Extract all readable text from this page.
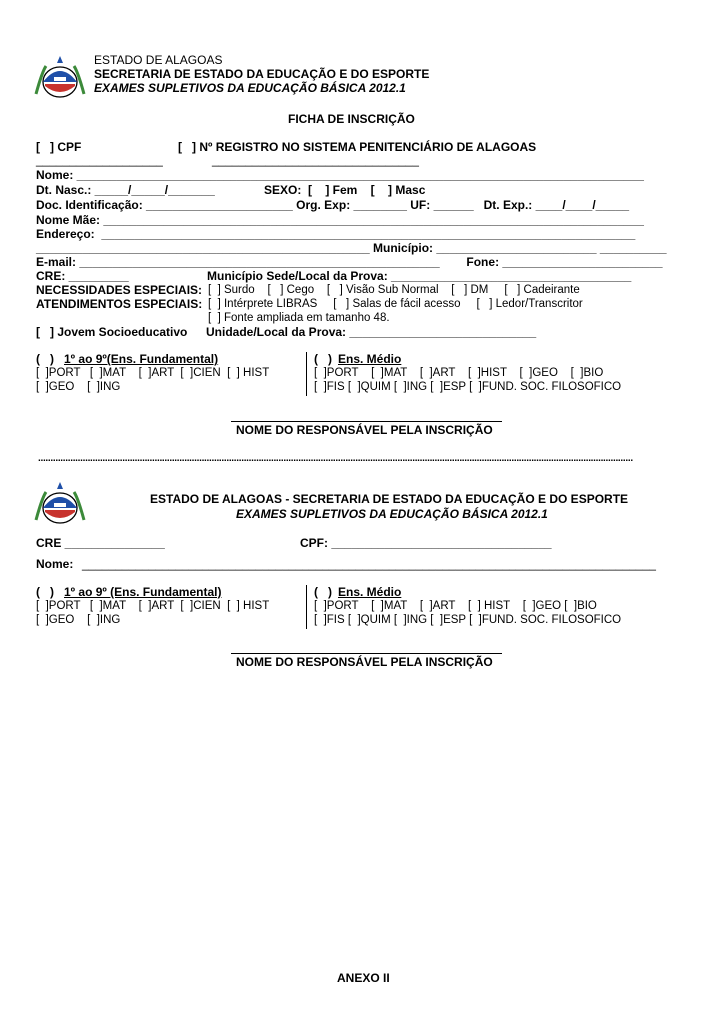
ESTADO DE ALAGOAS
SECRETARIA DE ESTADO DA EDUCAÇÃO E DO ESPORTE
EXAMES SUPLETIVOS DA EDUCAÇÃO BÁSICA 2012.1
FICHA DE INSCRIÇÃO
[   ] CPF	[   ] Nº REGISTRO NO SISTEMA PENITENCIÁRIO DE ALAGOAS
___________________	_______________________________
Nome: _____________________________________________________________________________________
Dt. Nasc.: _____/_____/_______	SEXO:  [    ] Fem    [    ] Masc
Doc. Identificação: ______________________ Org. Exp: ________ UF: ______   Dt. Exp.: ____/____/_____
Nome Mãe: _________________________________________________________________________________
Endereço:  ________________________________________________________________________________
__________________________________________________ Município: ________________________ __________
E-mail: ______________________________________________________        Fone: ________________________
CRE: _________	Município Sede/Local da Prova: ____________________________________
NECESSIDADES ESPECIAIS: [  ] Surdo    [   ] Cego    [   ] Visão Sub Normal    [   ] DM     [   ] Cadeirante
ATENDIMENTOS ESPECIAIS: [  ] Intérprete LIBRAS     [   ] Salas de fácil acesso     [   ] Ledor/Transcritor
[  ] Fonte ampliada em tamanho 48.
[   ] Jovem Socioeducativo Unidade/Local da Prova: ____________________________
(   ) 1º ao 9º(Ens. Fundamental)
[  ]PORT   [  ]MAT    [  ]ART  [  ]CIEN  [  ] HIST
[  ]GEO    [  ]ING
(   ) Ens. Médio
[  ]PORT    [  ]MAT    [  ]ART    [  ]HIST    [  ]GEO    [  ]BIO
[  ]FIS [  ]QUIM [  ]ING [  ]ESP [  ]FUND. SOC. FILOSOFICO
NOME DO RESPONSÁVEL PELA INSCRIÇÃO
................................................................................................................................................................................................................................................
ESTADO DE ALAGOAS - SECRETARIA DE ESTADO DA EDUCAÇÃO E DO ESPORTE
EXAMES SUPLETIVOS DA EDUCAÇÃO BÁSICA 2012.1
CRE _______________	CPF: _________________________________
Nome: ______________________________________________________________________________________
(   ) 1º ao 9º (Ens. Fundamental)
[  ]PORT   [  ]MAT    [  ]ART  [  ]CIEN  [  ] HIST
[  ]GEO    [  ]ING
(   ) Ens. Médio
[  ]PORT    [  ]MAT    [  ]ART    [  ] HIST    [  ]GEO [  ]BIO
[  ]FIS [  ]QUIM [  ]ING [  ]ESP [  ]FUND. SOC. FILOSOFICO
NOME DO RESPONSÁVEL PELA INSCRIÇÃO
ANEXO II
